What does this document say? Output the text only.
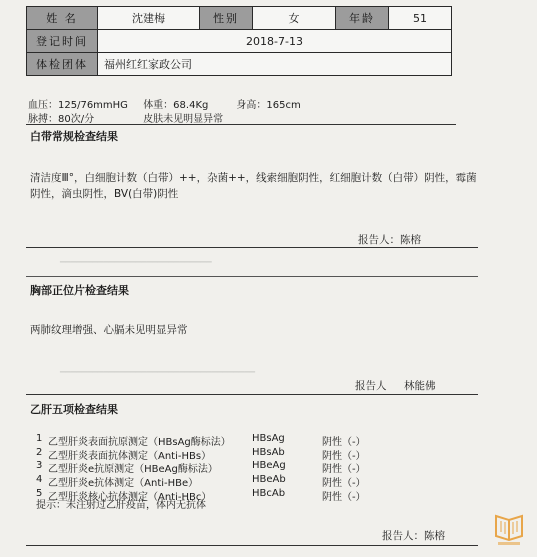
姓 名	沈建梅	性别	女	年龄	51
登记时间	2018-7-13				
体检团体	福州红红家政公司				
血压：125/76mmHG 体重：68.4Kg	身高：165cm
脉搏：80次/分	皮肤未见明显异常
白带常规检查结果
清洁度Ⅲ°，白细胞计数（白带）++，杂菌++，线索细胞阴性，红细胞计数（白带）阴性，霉菌阴性，滴虫阴性，BV(白带)阴性
报告人：陈榕
────────────────────────────
────────────────────────────────────
胸部正位片检查结果
两肺纹理增强、心膈未见明显异常
报告人 林能佛
乙肝五项检查结果
1 乙型肝炎表面抗原测定（HBsAg酶标法） HBsAg	阴性（-）
2 乙型肝炎表面抗体测定（Anti-HBs）	HBsAb	阴性（-）
3 乙型肝炎e抗原测定（HBeAg酶标法）	HBeAg	阴性（-）
4 乙型肝炎e抗体测定（Anti-HBe）	HBeAb	阴性（-）
5 乙型肝炎核心抗体测定（Anti-HBc）	HBcAb	阴性（-）
提示：未注射过乙肝疫苗，体内无抗体
报告人：陈榕
